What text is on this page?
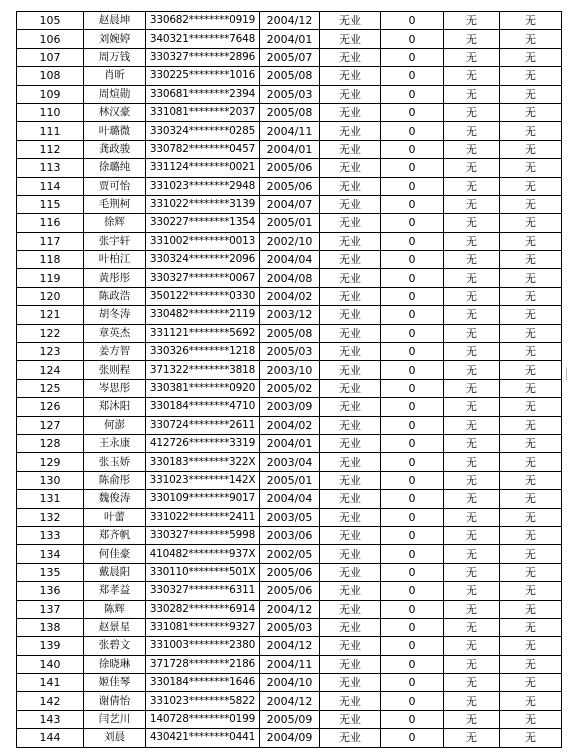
105	赵晨坤	330682********0919	2004/12	无业	0	无	无
106	刘婉婷	340321********7648	2004/01	无业	0	无	无
107	周万钱	330327********2896	2005/07	无业	0	无	无
108	肖昕	330225********1016	2005/08	无业	0	无	无
109	周煊勋	330681********2394	2005/03	无业	0	无	无
110	林汉豪	331081********2037	2005/08	无业	0	无	无
111	叶璐微	330324********0285	2004/11	无业	0	无	无
112	龚政骏	330782********0457	2004/01	无业	0	无	无
113	徐璐纯	331124********0021	2005/06	无业	0	无	无
114	贾可怡	331023********2948	2005/06	无业	0	无	无
115	毛荆柯	331022********3139	2004/07	无业	0	无	无
116	徐辉	330227********1354	2005/01	无业	0	无	无
117	张宇轩	331002********0013	2002/10	无业	0	无	无
118	叶柏江	330324********2096	2004/04	无业	0	无	无
119	黄彤彤	330327********0067	2004/08	无业	0	无	无
120	陈政浩	350122********0330	2004/02	无业	0	无	无
121	胡冬涛	330482********2119	2003/12	无业	0	无	无
122	章英杰	331121********5692	2005/08	无业	0	无	无
123	姜方智	330326********1218	2005/03	无业	0	无	无
124	张则程	371322********3818	2003/10	无业	0	无	无
125	岑思彤	330381********0920	2005/02	无业	0	无	无
126	郑沐阳	330184********4710	2003/09	无业	0	无	无
127	何澎	330724********2611	2004/02	无业	0	无	无
128	王永康	412726********3319	2004/01	无业	0	无	无
129	张玉娇	330183********322X	2003/04	无业	0	无	无
130	陈俞彤	331023********142X	2005/01	无业	0	无	无
131	魏俊涛	330109********9017	2004/04	无业	0	无	无
132	叶蕾	331022********2411	2003/05	无业	0	无	无
133	郑齐帆	330327********5998	2003/06	无业	0	无	无
134	何佳豪	410482********937X	2002/05	无业	0	无	无
135	戴晨阳	330110********501X	2005/06	无业	0	无	无
136	郑孝益	330327********6311	2005/06	无业	0	无	无
137	陈辉	330282********6914	2004/12	无业	0	无	无
138	赵景星	331081********9327	2005/03	无业	0	无	无
139	张碧文	331003********2380	2004/12	无业	0	无	无
140	徐晓琳	371728********2186	2004/11	无业	0	无	无
141	姬佳琴	330184********1646	2004/10	无业	0	无	无
142	谢倩怡	331023********5822	2004/12	无业	0	无	无
143	闫艺川	140728********0199	2005/09	无业	0	无	无
144	刘晨	430421********0441	2004/09	无业	0	无	无
